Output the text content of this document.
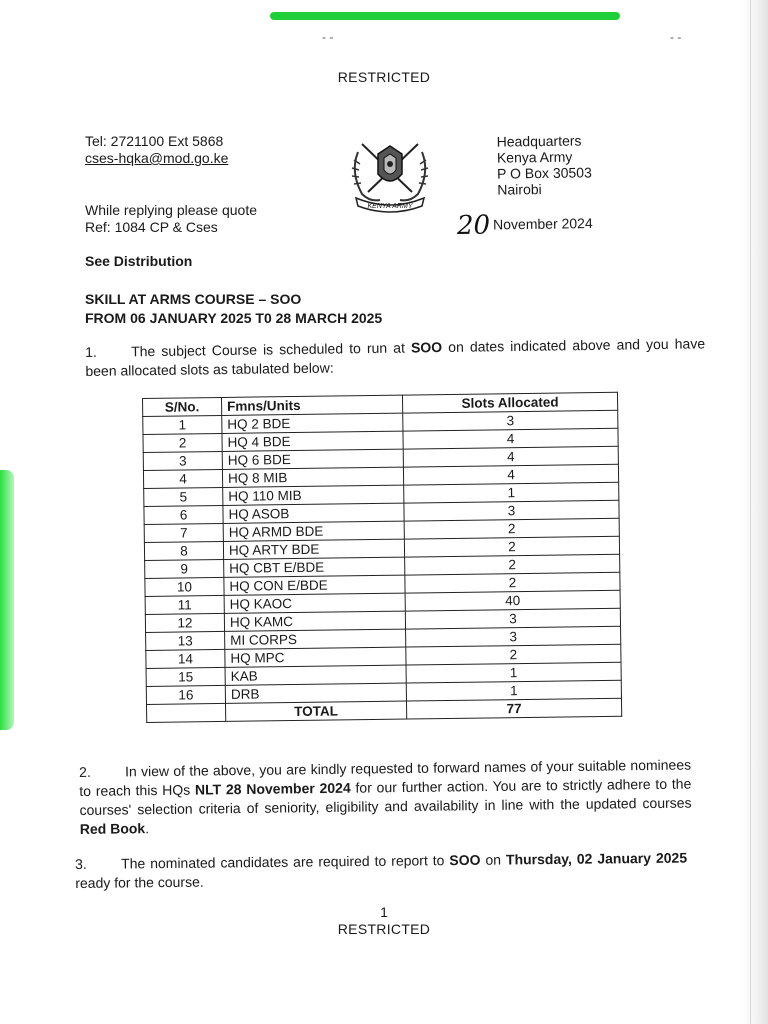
- -	- -
RESTRICTED
Tel: 2721100 Ext 5868
cses-hqka@mod.go.ke
While replying please quote
Ref: 1084 CP & Cses
KENYA ARMY
Headquarters
Kenya Army
P O Box 30503
Nairobi
20 November 2024
See Distribution
SKILL AT ARMS COURSE – SOO
FROM 06 JANUARY 2025 T0 28 MARCH 2025
1. The subject Course is scheduled to run at SOO on dates indicated above and you have been allocated slots as tabulated below:
S/No.	Fmns/Units	Slots Allocated
1	HQ 2 BDE	3
2	HQ 4 BDE	4
3	HQ 6 BDE	4
4	HQ 8 MIB	4
5	HQ 110 MIB	1
6	HQ ASOB	3
7	HQ ARMD BDE	2
8	HQ ARTY BDE	2
9	HQ CBT E/BDE	2
10	HQ CON E/BDE	2
11	HQ KAOC	40
12	HQ KAMC	3
13	MI CORPS	3
14	HQ MPC	2
15	KAB	1
16	DRB	1
	TOTAL	77
2. In view of the above, you are kindly requested to forward names of your suitable nominees to reach this HQs NLT 28 November 2024 for our further action. You are to strictly adhere to the courses' selection criteria of seniority, eligibility and availability in line with the updated courses Red Book.
3. The nominated candidates are required to report to SOO on Thursday, 02 January 2025 ready for the course.
1
RESTRICTED
